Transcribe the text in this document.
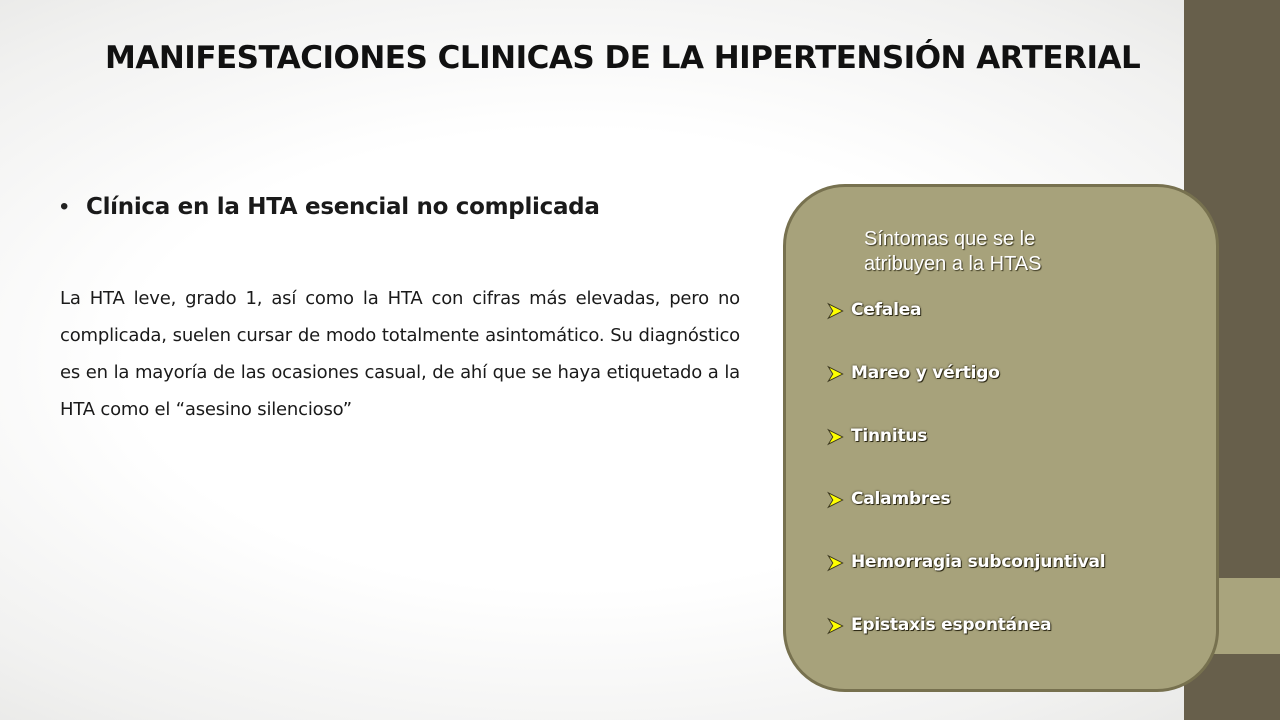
MANIFESTACIONES CLINICAS DE LA HIPERTENSIÓN ARTERIAL
• Clínica en la HTA esencial no complicada

La HTA leve, grado 1, así como la HTA con cifras más elevadas, pero no complicada, suelen cursar de modo totalmente asintomático. Su diagnóstico es en la mayoría de las ocasiones casual, de ahí que se haya etiquetado a la HTA como el “asesino silencioso”

Síntomas que se le
atribuyen a la HTAS
Cefalea
Mareo y vértigo
Tinnitus
Calambres
Hemorragia subconjuntival
Epistaxis espontánea
